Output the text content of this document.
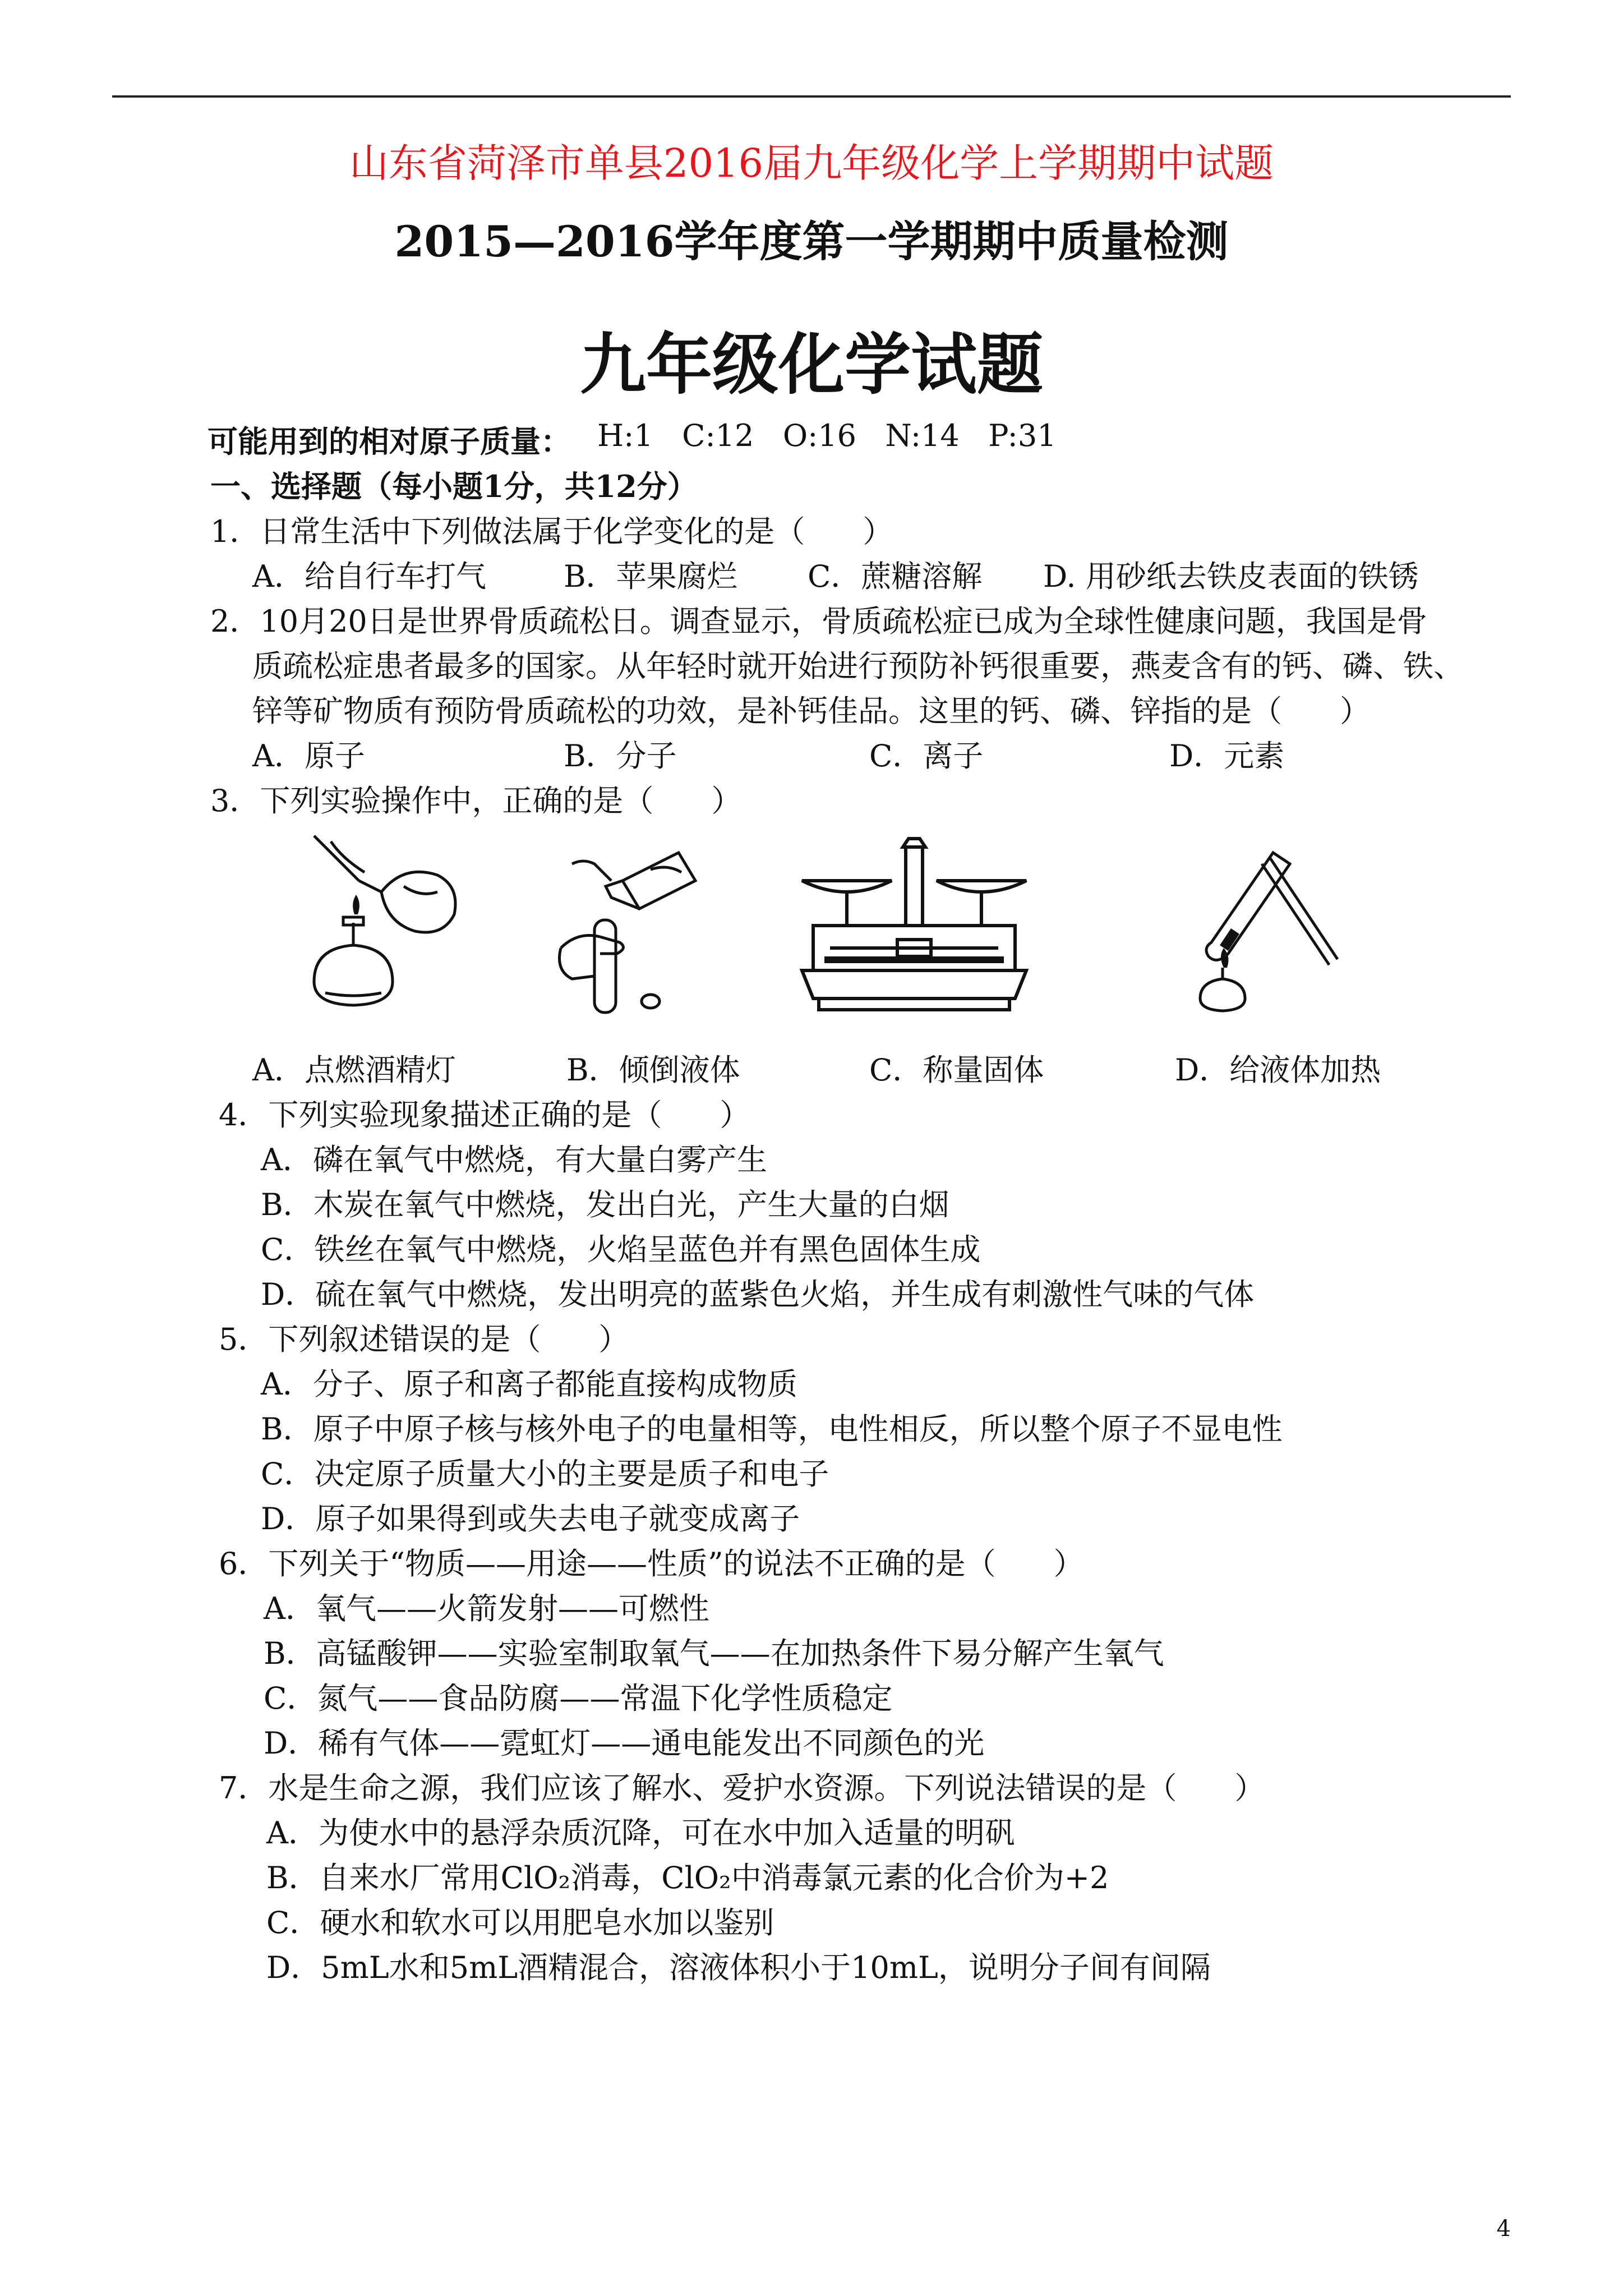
山东省菏泽市单县2016届九年级化学上学期期中试题
2015—2016学年度第一学期期中质量检测
九年级化学试题
可能用到的相对原子质量： H:1   C:12   O:16   N:14   P:31
一、选择题（每小题1分，共12分）
1．日常生活中下列做法属于化学变化的是（      ）
A．给自行车打气	B．苹果腐烂 C．蔗糖溶解 D. 用砂纸去铁皮表面的铁锈
2．10月20日是世界骨质疏松日。调查显示，骨质疏松症已成为全球性健康问题，我国是骨
质疏松症患者最多的国家。从年轻时就开始进行预防补钙很重要，燕麦含有的钙、磷、铁、
锌等矿物质有预防骨质疏松的功效，是补钙佳品。这里的钙、磷、锌指的是（      ）
A．原子	B．分子	C．离子	D．元素
3．下列实验操作中，正确的是（      ）
A．点燃酒精灯	B．倾倒液体	C．称量固体	D．给液体加热
4．下列实验现象描述正确的是（      ）
A．磷在氧气中燃烧，有大量白雾产生
B．木炭在氧气中燃烧，发出白光，产生大量的白烟
C．铁丝在氧气中燃烧，火焰呈蓝色并有黑色固体生成
D．硫在氧气中燃烧，发出明亮的蓝紫色火焰，并生成有刺激性气味的气体
5．下列叙述错误的是（      ）
A．分子、原子和离子都能直接构成物质
B．原子中原子核与核外电子的电量相等，电性相反，所以整个原子不显电性
C．决定原子质量大小的主要是质子和电子
D．原子如果得到或失去电子就变成离子
6．下列关于“物质——用途——性质”的说法不正确的是（      ）
A．氧气——火箭发射——可燃性
B．高锰酸钾——实验室制取氧气——在加热条件下易分解产生氧气
C．氮气——食品防腐——常温下化学性质稳定
D．稀有气体——霓虹灯——通电能发出不同颜色的光
7．水是生命之源，我们应该了解水、爱护水资源。下列说法错误的是（      ）
A．为使水中的悬浮杂质沉降，可在水中加入适量的明矾
B．自来水厂常用ClO₂消毒，ClO₂中消毒氯元素的化合价为+2
C．硬水和软水可以用肥皂水加以鉴别
D．5mL水和5mL酒精混合，溶液体积小于10mL，说明分子间有间隔
4
